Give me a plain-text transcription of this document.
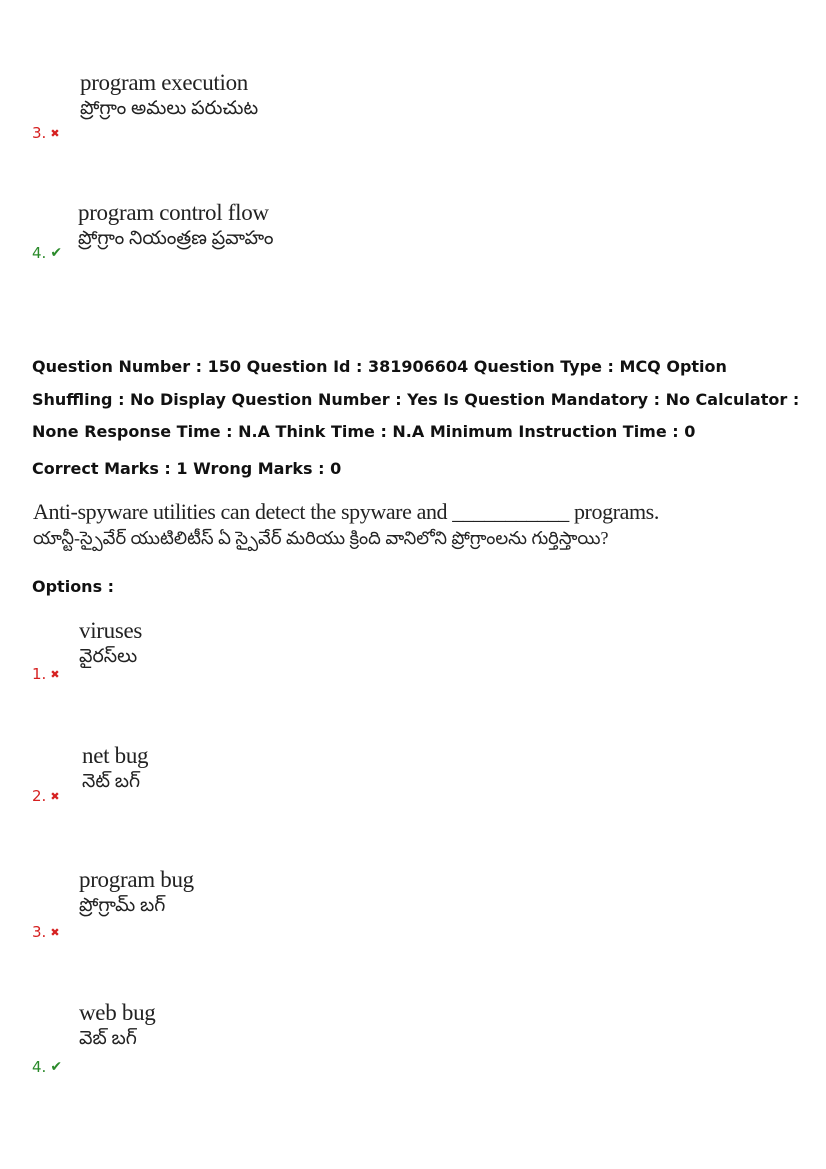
program execution
ప్రోగ్రాం అమలు పరుచుట
3. ✖
program control flow
ప్రోగ్రాం నియంత్రణ ప్రవాహం
4. ✔
Question Number : 150 Question Id : 381906604 Question Type : MCQ Option Shuffling : No Display Question Number : Yes Is Question Mandatory : No Calculator : None Response Time : N.A Think Time : N.A Minimum Instruction Time : 0
Correct Marks : 1 Wrong Marks : 0
Anti-spyware utilities can detect the spyware and ___________ programs.
యాన్టీ-స్పైవేర్ యుటిలిటీస్ ఏ స్పైవేర్ మరియు క్రింది వానిలోని ప్రోగ్రాంలను గుర్తిస్తాయి?
Options :
viruses
వైరస్‌లు
1. ✖
net bug
నెట్ బగ్
2. ✖
program bug
ప్రోగ్రామ్ బగ్
3. ✖
web bug
వెబ్ బగ్
4. ✔
